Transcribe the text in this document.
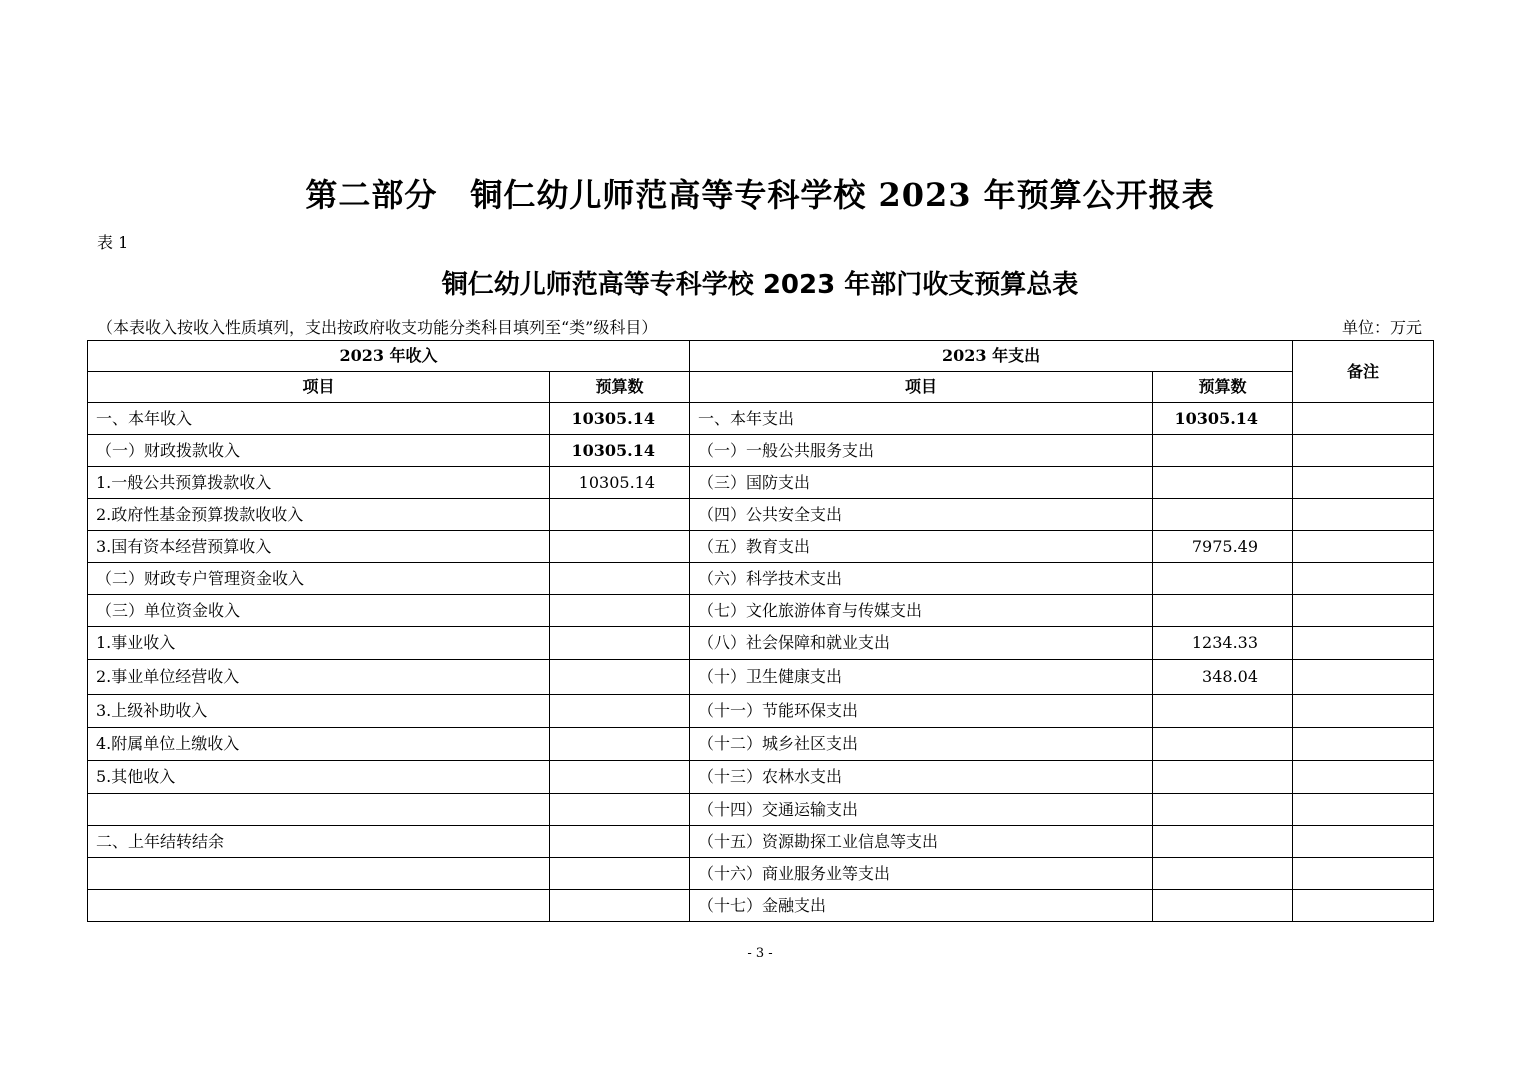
第二部分　铜仁幼儿师范高等专科学校 2023 年预算公开报表
表 1
铜仁幼儿师范高等专科学校 2023 年部门收支预算总表
（本表收入按收入性质填列，支出按政府收支功能分类科目填列至“类”级科目）	单位：万元
2023 年收入		2023 年支出		备注
项目	预算数	项目	预算数	
一、本年收入	10305.14	一、本年支出	10305.14	
（一）财政拨款收入	10305.14	（一）一般公共服务支出		
1.一般公共预算拨款收入	10305.14	（三）国防支出		
2.政府性基金预算拨款收收入		（四）公共安全支出		
3.国有资本经营预算收入		（五）教育支出	7975.49	
（二）财政专户管理资金收入		（六）科学技术支出		
（三）单位资金收入		（七）文化旅游体育与传媒支出		
1.事业收入		（八）社会保障和就业支出	1234.33	
2.事业单位经营收入		（十）卫生健康支出	348.04	
3.上级补助收入		（十一）节能环保支出		
4.附属单位上缴收入		（十二）城乡社区支出		
5.其他收入		（十三）农林水支出		
		（十四）交通运输支出		
二、上年结转结余		（十五）资源勘探工业信息等支出		
		（十六）商业服务业等支出		
		（十七）金融支出		
- 3 -
